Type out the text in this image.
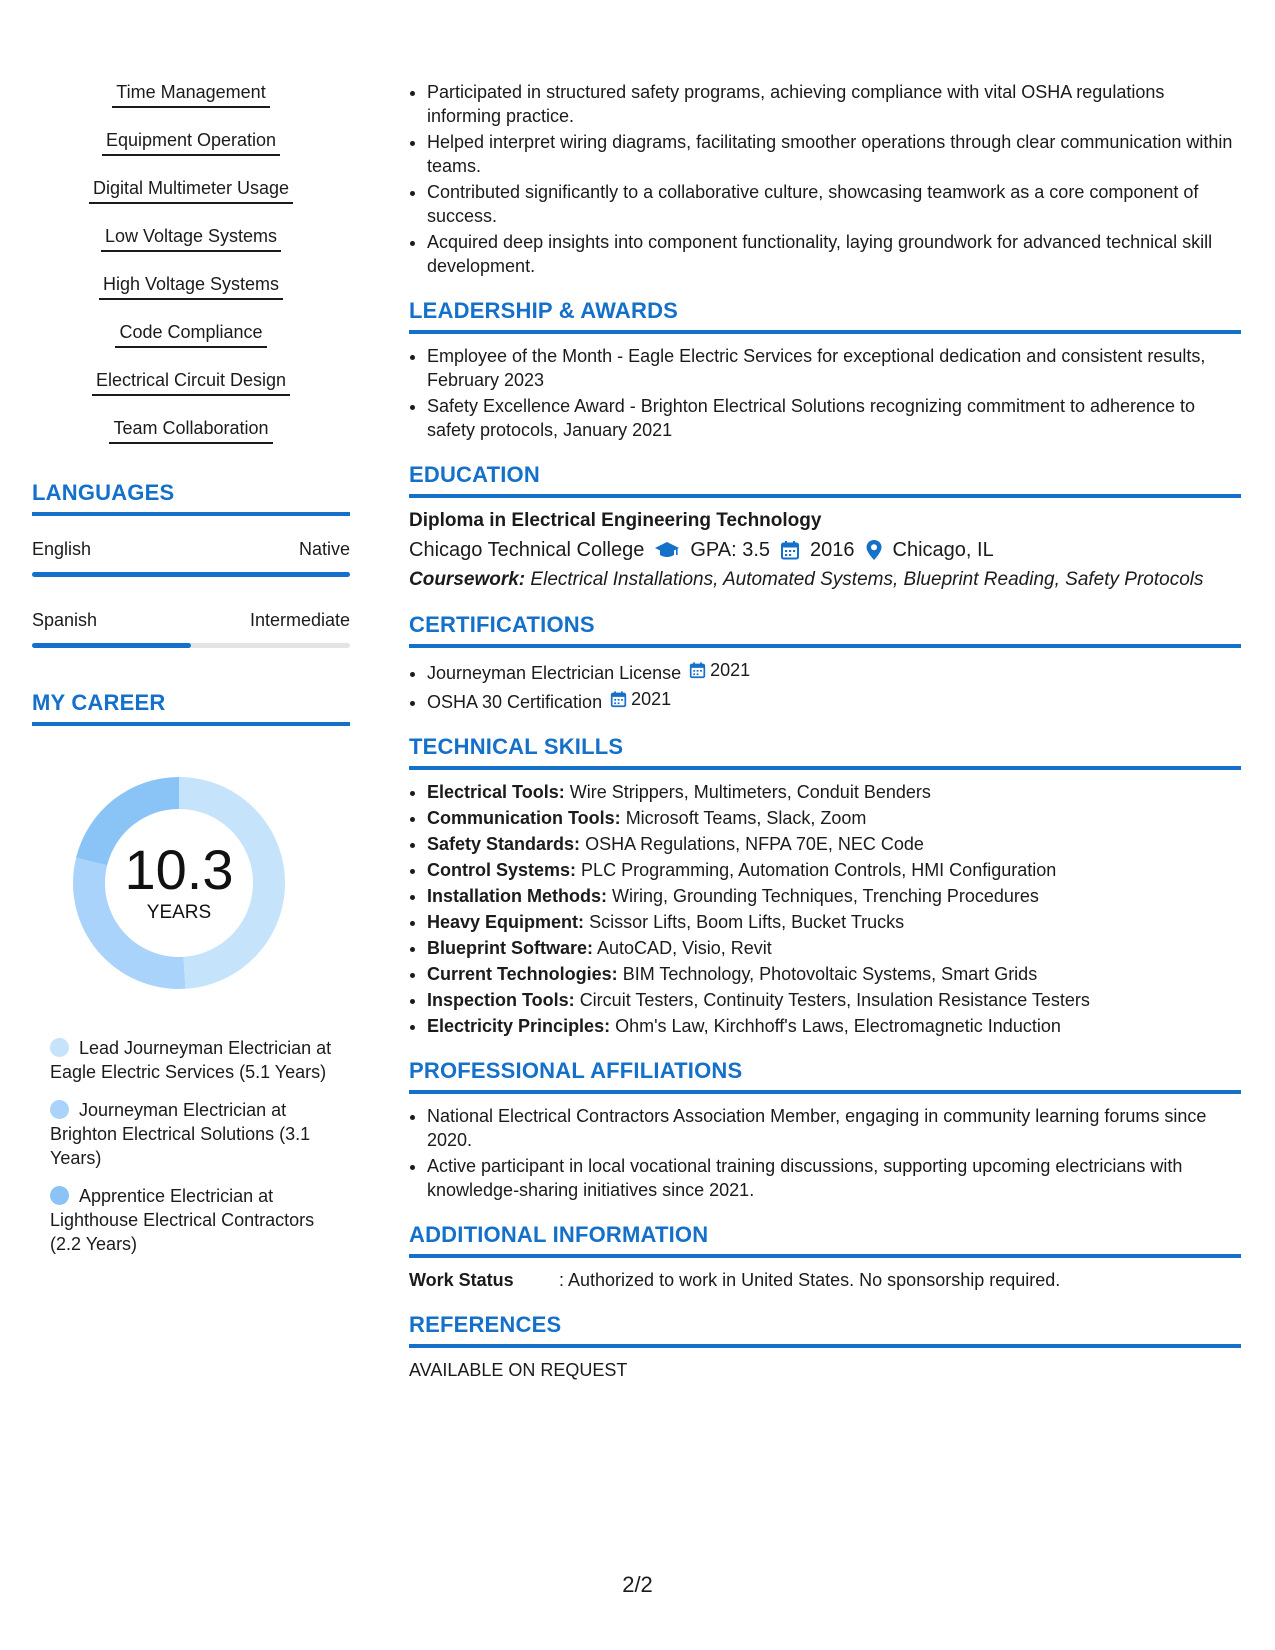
Time Management
Equipment Operation
Digital Multimeter Usage
Low Voltage Systems
High Voltage Systems
Code Compliance
Electrical Circuit Design
Team Collaboration
LANGUAGES
English	Native
Spanish	Intermediate
MY CAREER
10.3
YEARS
Lead Journeyman Electrician at Eagle Electric Services (5.1 Years)
Journeyman Electrician at Brighton Electrical Solutions (3.1 Years)
Apprentice Electrician at Lighthouse Electrical Contractors (2.2 Years)
• Participated in structured safety programs, achieving compliance with vital OSHA regulations informing practice.
• Helped interpret wiring diagrams, facilitating smoother operations through clear communication within teams.
• Contributed significantly to a collaborative culture, showcasing teamwork as a core component of success.
• Acquired deep insights into component functionality, laying groundwork for advanced technical skill development.
LEADERSHIP & AWARDS
• Employee of the Month - Eagle Electric Services for exceptional dedication and consistent results, February 2023
• Safety Excellence Award - Brighton Electrical Solutions recognizing commitment to adherence to safety protocols, January 2021
EDUCATION
Diploma in Electrical Engineering Technology
Chicago Technical College GPA: 3.5 2016 Chicago, IL
Coursework: Electrical Installations, Automated Systems, Blueprint Reading, Safety Protocols
CERTIFICATIONS
• Journeyman Electrician License 2021
• OSHA 30 Certification 2021
TECHNICAL SKILLS
• Electrical Tools: Wire Strippers, Multimeters, Conduit Benders
• Communication Tools: Microsoft Teams, Slack, Zoom
• Safety Standards: OSHA Regulations, NFPA 70E, NEC Code
• Control Systems: PLC Programming, Automation Controls, HMI Configuration
• Installation Methods: Wiring, Grounding Techniques, Trenching Procedures
• Heavy Equipment: Scissor Lifts, Boom Lifts, Bucket Trucks
• Blueprint Software: AutoCAD, Visio, Revit
• Current Technologies: BIM Technology, Photovoltaic Systems, Smart Grids
• Inspection Tools: Circuit Testers, Continuity Testers, Insulation Resistance Testers
• Electricity Principles: Ohm's Law, Kirchhoff's Laws, Electromagnetic Induction
PROFESSIONAL AFFILIATIONS
• National Electrical Contractors Association Member, engaging in community learning forums since 2020.
• Active participant in local vocational training discussions, supporting upcoming electricians with knowledge-sharing initiatives since 2021.
ADDITIONAL INFORMATION
Work Status	: Authorized to work in United States. No sponsorship required.
REFERENCES
AVAILABLE ON REQUEST
2/2
